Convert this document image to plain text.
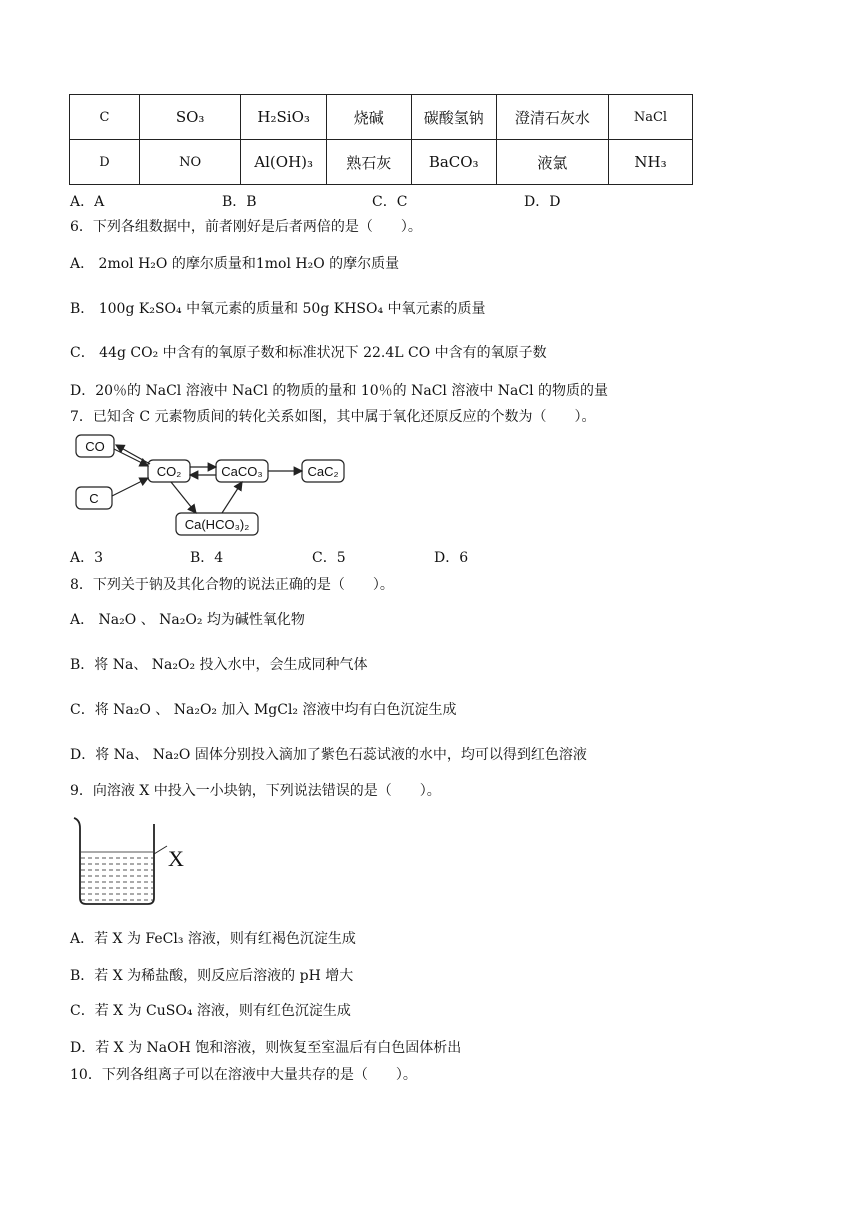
C	SO₃	H₂SiO₃	烧碱	碳酸氢钠	澄清石灰水	NaCl
D	NO	Al(OH)₃	熟石灰	BaCO₃	液氯	NH₃
A．A	B．B	C．C	D．D
6．下列各组数据中，前者刚好是后者两倍的是（　　）。
A． 2mol H₂O 的摩尔质量和1mol H₂O 的摩尔质量
B． 100g K₂SO₄ 中氧元素的质量和 50g KHSO₄ 中氧元素的质量
C． 44g CO₂ 中含有的氧原子数和标准状况下 22.4L CO 中含有的氧原子数
D．20％的 NaCl 溶液中 NaCl 的物质的量和 10％的 NaCl 溶液中 NaCl 的物质的量
7．已知含 C 元素物质间的转化关系如图，其中属于氧化还原反应的个数为（　　）。
CO
C
CO₂	CaCO₃	CaC₂
Ca(HCO₃)₂
A．3	B．4	C．5	D．6
8．下列关于钠及其化合物的说法正确的是（　　）。
A． Na₂O 、 Na₂O₂ 均为碱性氧化物
B．将 Na、 Na₂O₂ 投入水中，会生成同种气体
C．将 Na₂O 、 Na₂O₂ 加入 MgCl₂ 溶液中均有白色沉淀生成
D．将 Na、 Na₂O 固体分别投入滴加了紫色石蕊试液的水中，均可以得到红色溶液
9．向溶液 X 中投入一小块钠，下列说法错误的是（　　）。
X
A．若 X 为 FeCl₃ 溶液，则有红褐色沉淀生成
B．若 X 为稀盐酸，则反应后溶液的 pH 增大
C．若 X 为 CuSO₄ 溶液，则有红色沉淀生成
D．若 X 为 NaOH 饱和溶液，则恢复至室温后有白色固体析出
10．下列各组离子可以在溶液中大量共存的是（　　）。
